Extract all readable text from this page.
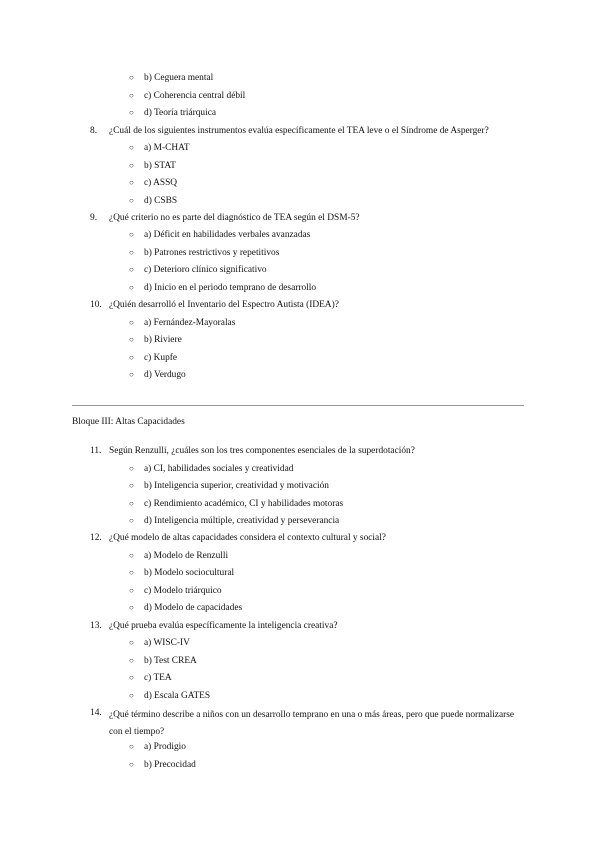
○ b) Ceguera mental
○ c) Coherencia central débil
○ d) Teoría triárquica
8. ¿Cuál de los siguientes instrumentos evalúa específicamente el TEA leve o el Síndrome de Asperger?
○ a) M-CHAT
○ b) STAT
○ c) ASSQ
○ d) CSBS
9. ¿Qué criterio no es parte del diagnóstico de TEA según el DSM-5?
○ a) Déficit en habilidades verbales avanzadas
○ b) Patrones restrictivos y repetitivos
○ c) Deterioro clínico significativo
○ d) Inicio en el periodo temprano de desarrollo
10. ¿Quién desarrolló el Inventario del Espectro Autista (IDEA)?
○ a) Fernández-Mayoralas
○ b) Riviere
○ c) Kupfe
○ d) Verdugo
Bloque III: Altas Capacidades
11. Según Renzulli, ¿cuáles son los tres componentes esenciales de la superdotación?
○ a) CI, habilidades sociales y creatividad
○ b) Inteligencia superior, creatividad y motivación
○ c) Rendimiento académico, CI y habilidades motoras
○ d) Inteligencia múltiple, creatividad y perseverancia
12. ¿Qué modelo de altas capacidades considera el contexto cultural y social?
○ a) Modelo de Renzulli
○ b) Modelo sociocultural
○ c) Modelo triárquico
○ d) Modelo de capacidades
13. ¿Qué prueba evalúa específicamente la inteligencia creativa?
○ a) WISC-IV
○ b) Test CREA
○ c) TEA
○ d) Escala GATES
14. ¿Qué término describe a niños con un desarrollo temprano en una o más áreas, pero que puede normalizarse con el tiempo?
○ a) Prodigio
○ b) Precocidad
